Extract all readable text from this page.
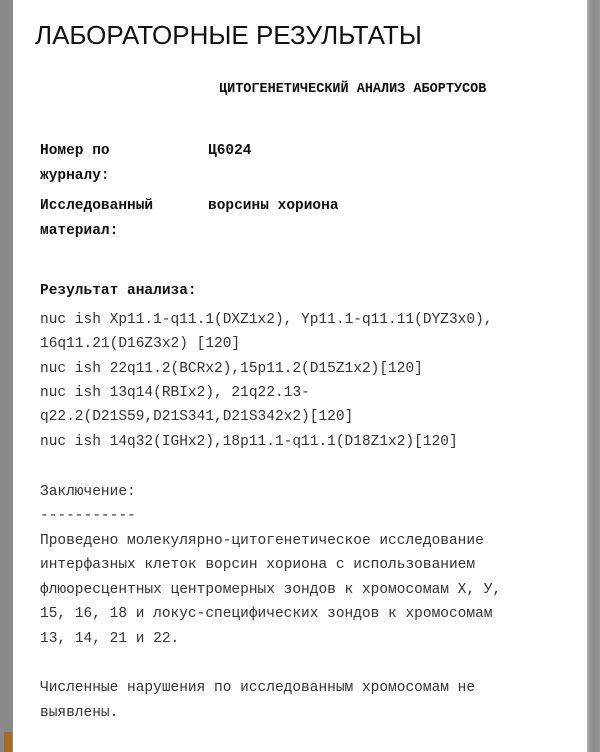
ЛАБОРАТОРНЫЕ РЕЗУЛЬТАТЫ
ЦИТОГЕНЕТИЧЕСКИЙ АНАЛИЗ АБОРТУСОВ
Номер по
журналу:
Ц6024
Исследованный
материал:
ворсины хориона
Результат анализа:
nuc ish Xp11.1-q11.1(DXZ1x2), Yp11.1-q11.11(DYZ3x0),
16q11.21(D16Z3x2) [120]
nuc ish 22q11.2(BCRx2),15p11.2(D15Z1x2)[120]
nuc ish 13q14(RBIx2), 21q22.13-
q22.2(D21S59,D21S341,D21S342x2)[120]
nuc ish 14q32(IGHx2),18p11.1-q11.1(D18Z1x2)[120]
Заключение:
-----------
Проведено молекулярно-цитогенетическое исследование
интерфазных клеток ворсин хориона с использованием
флюоресцентных центромерных зондов к хромосомам X, У,
15, 16, 18 и локус-специфических зондов к хромосомам
13, 14, 21 и 22.
Численные нарушения по исследованным хромосомам не
выявлены.
